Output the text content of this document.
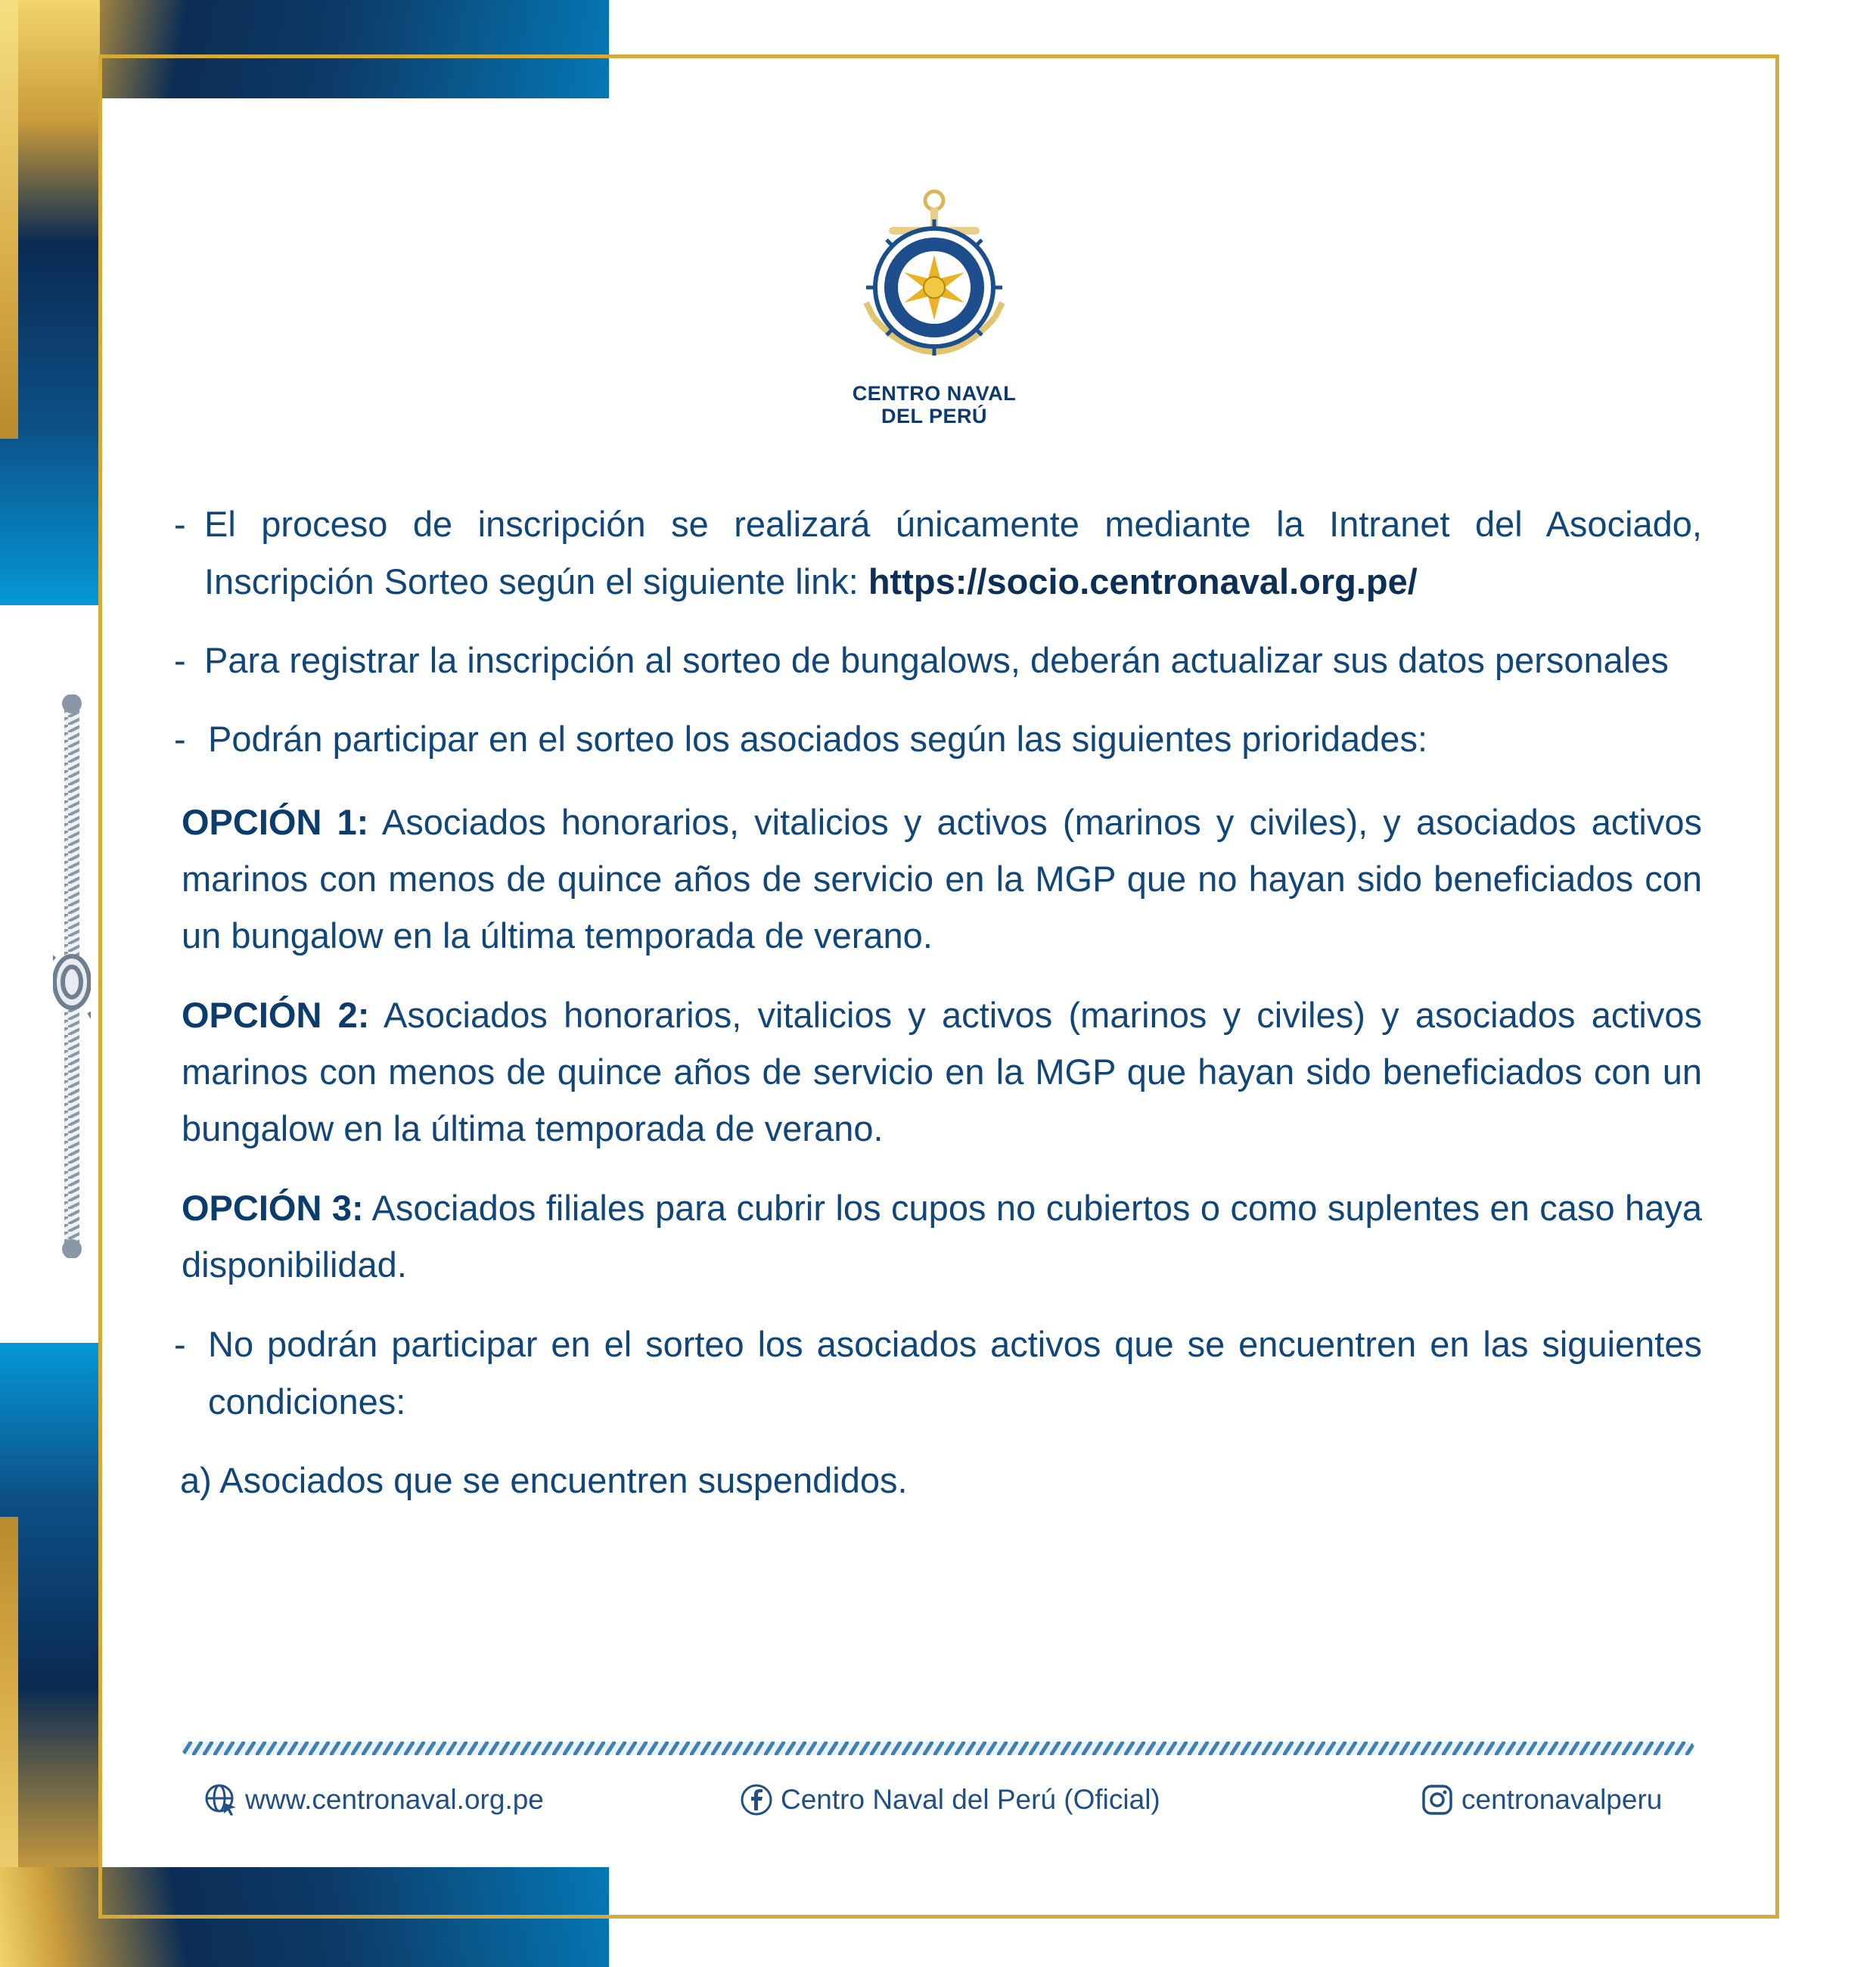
1900
CENTRO NAVAL
DEL PERÚ
- El proceso de inscripción se realizará únicamente mediante la Intranet del Asociado, Inscripción Sorteo según el siguiente link: https://socio.centronaval.org.pe/
- Para registrar la inscripción al sorteo de bungalows, deberán actualizar sus datos personales
- Podrán participar en el sorteo los asociados según las siguientes prioridades:
OPCIÓN 1: Asociados honorarios, vitalicios y activos (marinos y civiles), y asociados activos marinos con menos de quince años de servicio en la MGP que no hayan sido beneficiados con un bungalow en la última temporada de verano.
OPCIÓN 2: Asociados honorarios, vitalicios y activos (marinos y civiles) y asociados activos marinos con menos de quince años de servicio en la MGP que hayan sido beneficiados con un bungalow en la última temporada de verano.
OPCIÓN 3: Asociados filiales para cubrir los cupos no cubiertos o como suplentes en caso haya disponibilidad.
- No podrán participar en el sorteo los asociados activos que se encuentren en las siguientes condiciones:
a) Asociados que se encuentren suspendidos.
www.centronaval.org.pe	Centro Naval del Perú (Oficial)	centronavalperu
